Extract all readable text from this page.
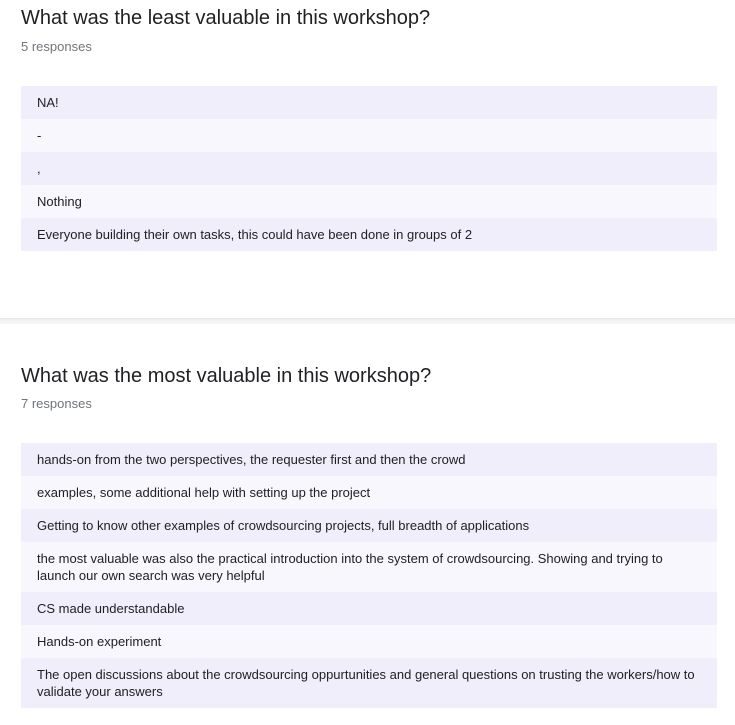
What was the least valuable in this workshop?
5 responses
NA!
-
,
Nothing
Everyone building their own tasks, this could have been done in groups of 2
What was the most valuable in this workshop?
7 responses
hands-on from the two perspectives, the requester first and then the crowd
examples, some additional help with setting up the project
Getting to know other examples of crowdsourcing projects, full breadth of applications
the most valuable was also the practical introduction into the system of crowdsourcing. Showing and trying to launch our own search was very helpful
CS made understandable
Hands-on experiment
The open discussions about the crowdsourcing oppurtunities and general questions on trusting the workers/how to validate your answers
